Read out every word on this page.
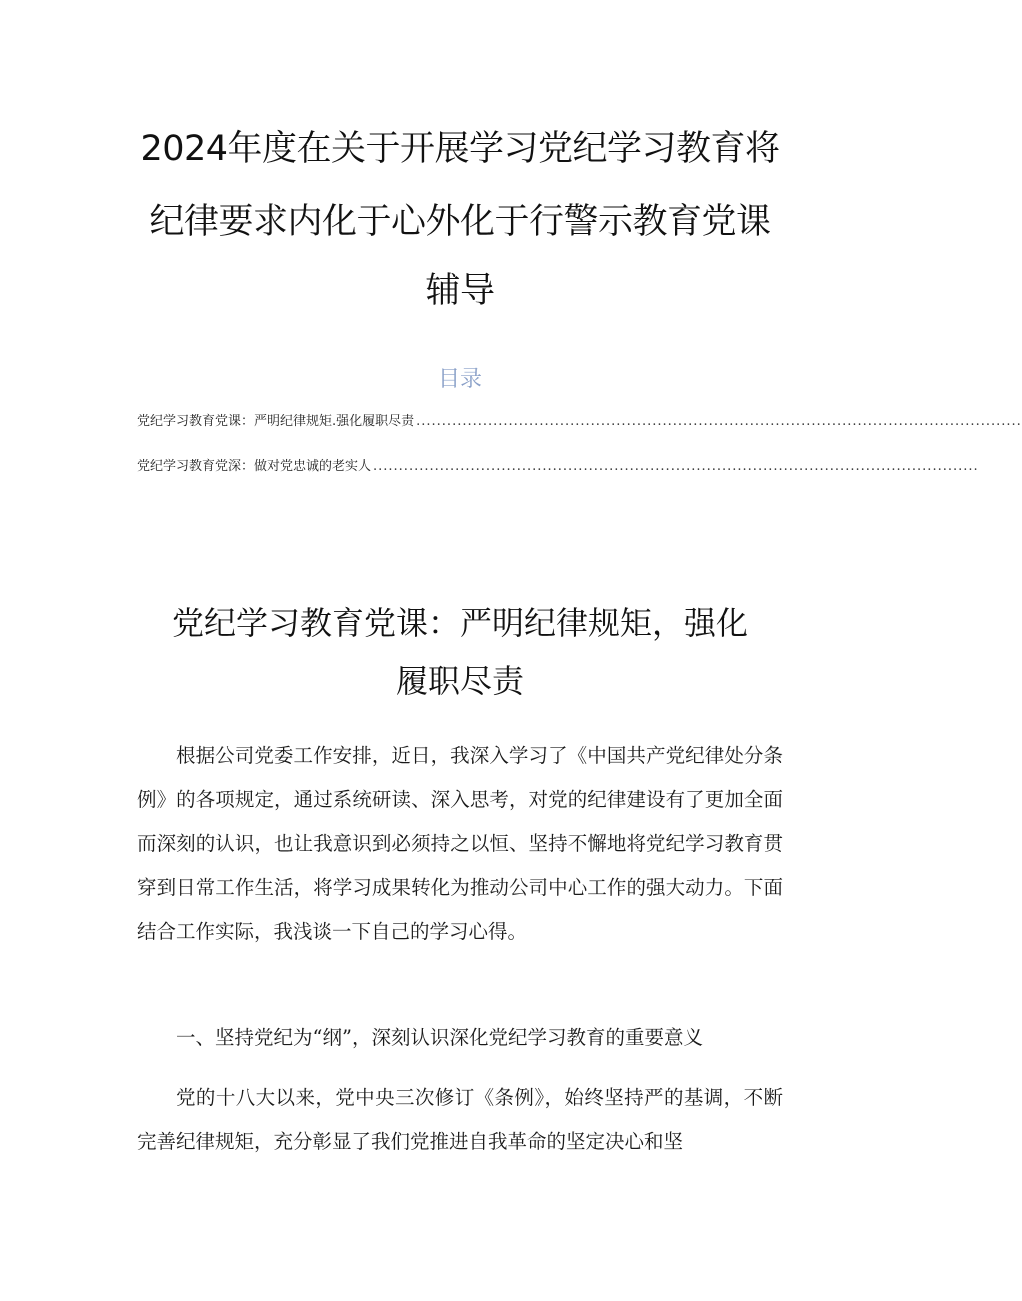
2024年度在关于开展学习党纪学习教育将
纪律要求内化于心外化于行警示教育党课
辅导
目录
党纪学习教育党课：严明纪律规矩.强化履职尽责 ......................................................................................................................
党纪学习教育党深：做对党忠诚的老实人 ......................................................................................................................
党纪学习教育党课：严明纪律规矩，强化
履职尽责

根据公司党委工作安排，近日，我深入学习了《中国共产党纪律处分条例》的各项规定，通过系统研读、深入思考，对党的纪律建设有了更加全面而深刻的认识，也让我意识到必须持之以恒、坚持不懈地将党纪学习教育贯穿到日常工作生活，将学习成果转化为推动公司中心工作的强大动力。下面结合工作实际，我浅谈一下自己的学习心得。

一、坚持党纪为“纲”，深刻认识深化党纪学习教育的重要意义

党的十八大以来，党中央三次修订《条例》，始终坚持严的基调，不断完善纪律规矩，充分彰显了我们党推进自我革命的坚定决心和坚
